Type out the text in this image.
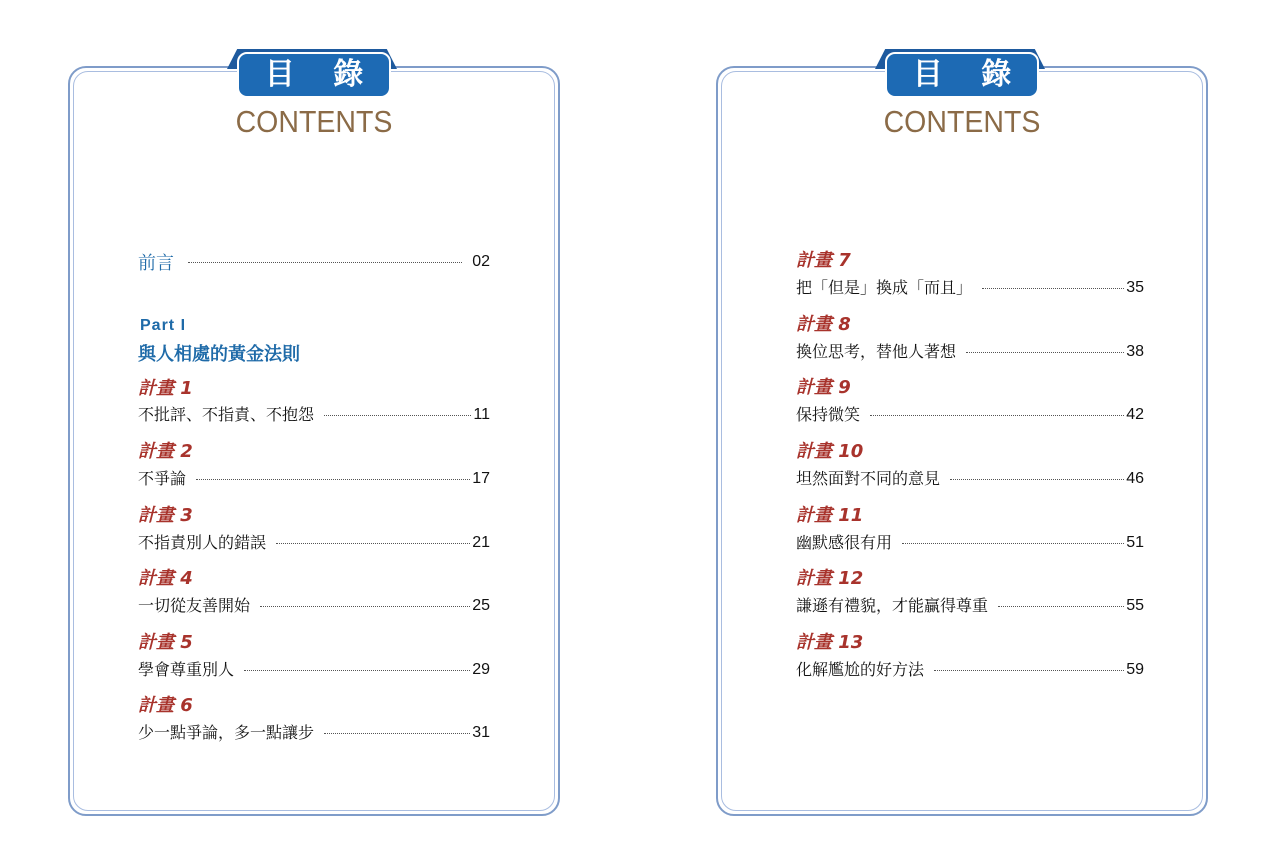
目 錄
CONTENTS
前言	02
Part I
與人相處的黃金法則
計畫 1
不批評、不指責、不抱怨	11
計畫 2
不爭論	17
計畫 3
不指責別人的錯誤	21
計畫 4
一切從友善開始	25
計畫 5
學會尊重別人	29
計畫 6
少一點爭論，多一點讓步	31
目 錄
CONTENTS
計畫 7
把「但是」換成「而且」	35
計畫 8
換位思考，替他人著想	38
計畫 9
保持微笑	42
計畫 10
坦然面對不同的意見	46
計畫 11
幽默感很有用	51
計畫 12
謙遜有禮貌，才能贏得尊重	55
計畫 13
化解尷尬的好方法	59
